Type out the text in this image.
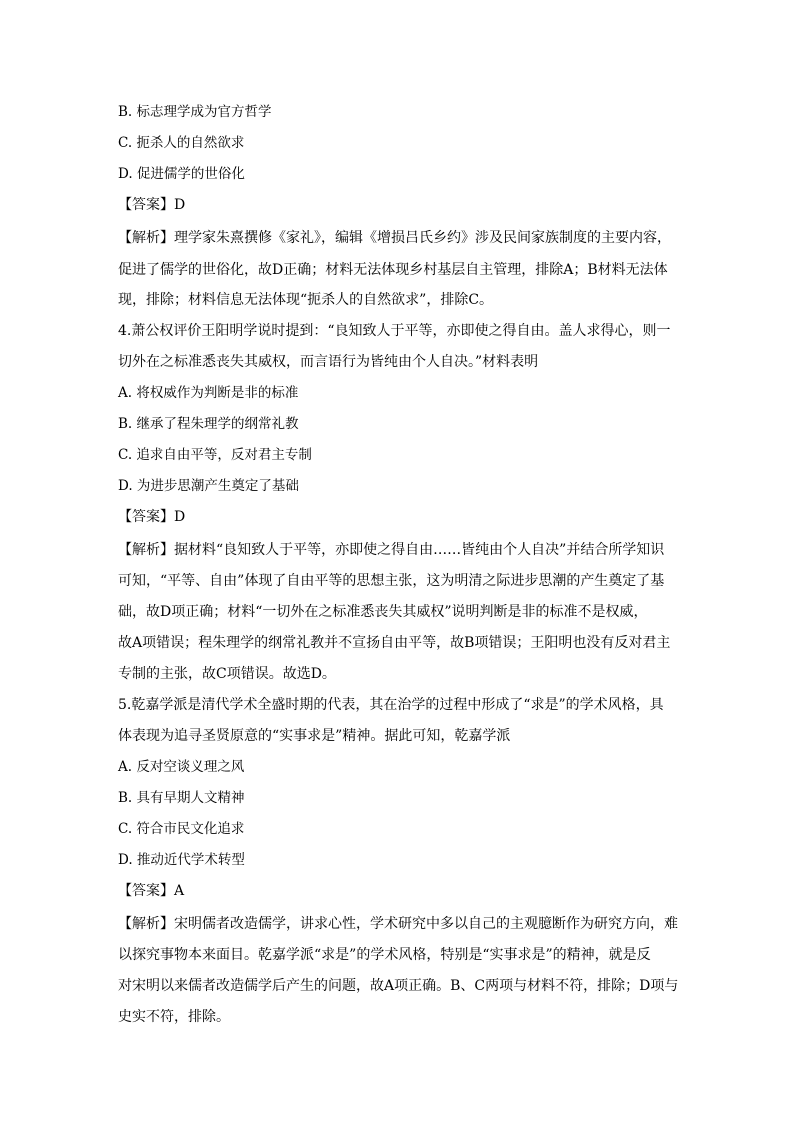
B. 标志理学成为官方哲学
C. 扼杀人的自然欲求
D. 促进儒学的世俗化
【答案】D
【解析】理学家朱熹撰修《家礼》，编辑《增损吕氏乡约》涉及民间家族制度的主要内容，
促进了儒学的世俗化，故D正确；材料无法体现乡村基层自主管理，排除A；B材料无法体
现，排除；材料信息无法体现“扼杀人的自然欲求”，排除C。
4.萧公权评价王阳明学说时提到：“良知致人于平等，亦即使之得自由。盖人求得心，则一
切外在之标准悉丧失其威权，而言语行为皆纯由个人自决。”材料表明
A. 将权威作为判断是非的标准
B. 继承了程朱理学的纲常礼教
C. 追求自由平等，反对君主专制
D. 为进步思潮产生奠定了基础
【答案】D
【解析】据材料“良知致人于平等，亦即使之得自由……皆纯由个人自决”并结合所学知识
可知，“平等、自由”体现了自由平等的思想主张，这为明清之际进步思潮的产生奠定了基
础，故D项正确；材料“一切外在之标准悉丧失其威权”说明判断是非的标准不是权威，
故A项错误；程朱理学的纲常礼教并不宣扬自由平等，故B项错误；王阳明也没有反对君主
专制的主张，故C项错误。故选D。
5.乾嘉学派是清代学术全盛时期的代表，其在治学的过程中形成了“求是”的学术风格，具
体表现为追寻圣贤原意的“实事求是”精神。据此可知，乾嘉学派
A. 反对空谈义理之风
B. 具有早期人文精神
C. 符合市民文化追求
D. 推动近代学术转型
【答案】A
【解析】宋明儒者改造儒学，讲求心性，学术研究中多以自己的主观臆断作为研究方向，难
以探究事物本来面目。乾嘉学派“求是”的学术风格，特别是“实事求是”的精神，就是反
对宋明以来儒者改造儒学后产生的问题，故A项正确。B、C两项与材料不符，排除；D项与
史实不符，排除。
